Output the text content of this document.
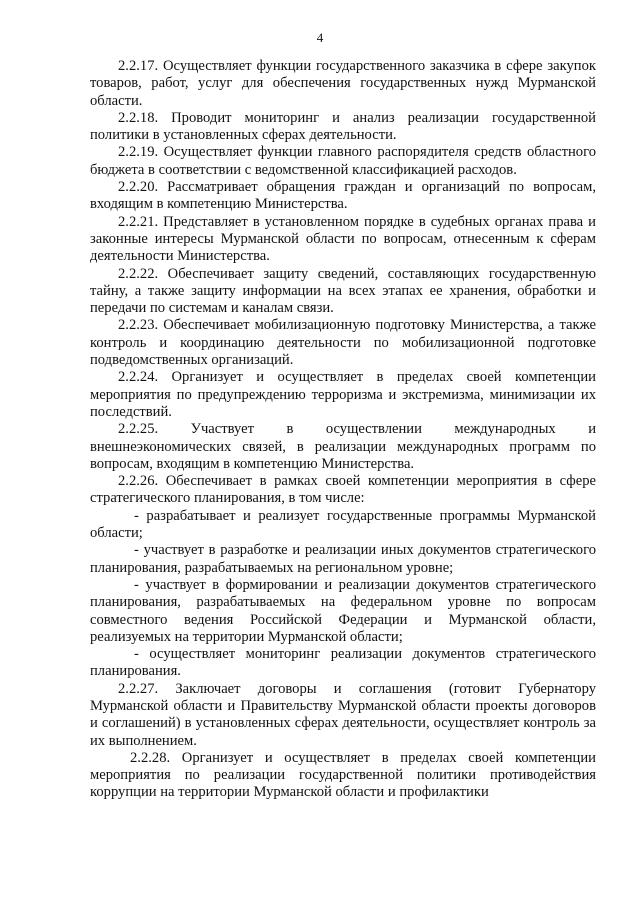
4

2.2.17. Осуществляет функции государственного заказчика в сфере закупок товаров, работ, услуг для обеспечения государственных нужд Мурманской области.

2.2.18. Проводит мониторинг и анализ реализации государственной политики в установленных сферах деятельности.

2.2.19. Осуществляет функции главного распорядителя средств областного бюджета в соответствии с ведомственной классификацией расходов.

2.2.20. Рассматривает обращения граждан и организаций по вопросам, входящим в компетенцию Министерства.

2.2.21. Представляет в установленном порядке в судебных органах права и законные интересы Мурманской области по вопросам, отнесенным к сферам деятельности Министерства.

2.2.22. Обеспечивает защиту сведений, составляющих государственную тайну, а также защиту информации на всех этапах ее хранения, обработки и передачи по системам и каналам связи.

2.2.23. Обеспечивает мобилизационную подготовку Министерства, а также контроль и координацию деятельности по мобилизационной подготовке подведомственных организаций.

2.2.24. Организует и осуществляет в пределах своей компетенции мероприятия по предупреждению терроризма и экстремизма, минимизации их последствий.

2.2.25. Участвует в осуществлении международных и внешнеэкономических связей, в реализации международных программ по вопросам, входящим в компетенцию Министерства.

2.2.26. Обеспечивает в рамках своей компетенции мероприятия в сфере стратегического планирования, в том числе:

- разрабатывает и реализует государственные программы Мурманской области;

- участвует в разработке и реализации иных документов стратегического планирования, разрабатываемых на региональном уровне;

- участвует в формировании и реализации документов стратегического планирования, разрабатываемых на федеральном уровне по вопросам совместного ведения Российской Федерации и Мурманской области, реализуемых на территории Мурманской области;

- осуществляет мониторинг реализации документов стратегического планирования.

2.2.27. Заключает договоры и соглашения (готовит Губернатору Мурманской области и Правительству Мурманской области проекты договоров и соглашений) в установленных сферах деятельности, осуществляет контроль за их выполнением.

2.2.28. Организует и осуществляет в пределах своей компетенции мероприятия по реализации государственной политики противодействия коррупции на территории Мурманской области и профилактики
